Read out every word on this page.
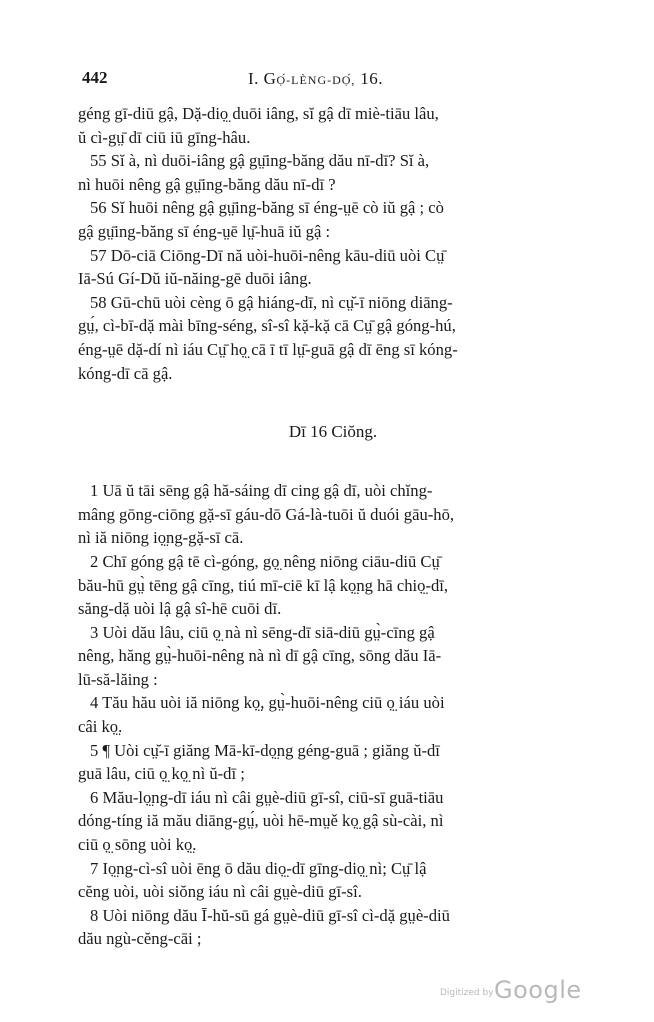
442	I. GỌ́-LÈNG-DỌ́, 16.
géng gī-diū gậ, Dặ-diọ̤ duōi iâng, sĭ gậ dī miè-tiāu lâu,
ŭ cì-gṳ̄ dī ciū iū gīng-hâu.
55 Sĭ à, nì duōi-iâng gậ gṳ̄ing-băng dău nī-dī? Sĭ à,
nì huōi nêng gậ gṳ̄ing-băng dău nī-dī ?
56 Sĭ huōi nêng gậ gṳ̄ing-băng sī éng-ṳē cò iŭ gậ ; cò
gậ gṳ̄ing-băng sī éng-ṳē lṳ̄-huā iŭ gậ :
57 Dō-ciā Ciōng-Dī nă uòi-huōi-nêng kāu-diū uòi Cṳ̄
Iā-Sú Gí-Dŭ iŭ-năing-gē duōi iâng.
58 Gū-chū uòi cèng ō gậ hiáng-dī, nì cṳ̆-ī niōng diāng-
gṳ́, cì-bī-dặ mài bīng-séng, sî-sî kặ-kặ cā Cṳ̄ gậ góng-hú,
éng-ṳē dặ-dí nì iáu Cṳ̄ họ̤ cā ī tī lṳ̄-guā gậ dī ēng sī kóng-
kóng-dī cā gậ.
Dī 16 Ciŏng.
1 Uā ŭ tāi sēng gậ hă-sáing dī cing gậ dī, uòi chĭng-
mâng gōng-ciōng gặ-sī gáu-dō Gá-là-tuōi ŭ duói gāu-hō,
nì iă niōng iọ̤ng-gặ-sī cā.
2 Chī góng gậ tē cì-góng, gọ̤ nêng niōng ciāu-diū Cṳ̄
bău-hū gṳ̀ tēng gậ cīng, tiú mī-ciē kī lậ kọ̤ng hā chiọ̤-dī,
săng-dặ uòi lậ gậ sî-hē cuōi dī.
3 Uòi dău lâu, ciū ọ̤ nà nì sēng-dī siā-diū gṳ̀-cīng gậ
nêng, hăng gṳ̀-huōi-nêng nà nì dī gậ cīng, sōng dău Iā-
lū-să-lăing :
4 Tău hău uòi iă niōng kọ̤, gṳ̀-huōi-nêng ciū ọ̤ iáu uòi
câi kọ̤.
5 ¶ Uòi cṳ̆-ī giăng Mā-kī-dọ̤ng géng-guā ; giăng ŭ-dī
guā lâu, ciū ọ̤ kọ̤ nì ŭ-dī ;
6 Mău-lọ̤ng-dī iáu nì câi gṳè-diū gī-sî, ciū-sī guā-tiāu
dóng-tíng iă mău diāng-gṳ́, uòi hē-mṳě kọ̤ gậ sù-cài, nì
ciū ọ̤ sōng uòi kọ̤.
7 Iọ̤ng-cì-sî uòi ēng ō dău diọ̤-dī gīng-diọ̤ nì; Cṳ̄ lậ
cĕng uòi, uòi siŏng iáu nì câi gṳè-diū gī-sî.
8 Uòi niōng dău Ī-hŭ-sū gá gṳè-diū gī-sî cì-dặ gṳè-diū
dău ngù-cĕng-cāi ;
Digitized by Google
